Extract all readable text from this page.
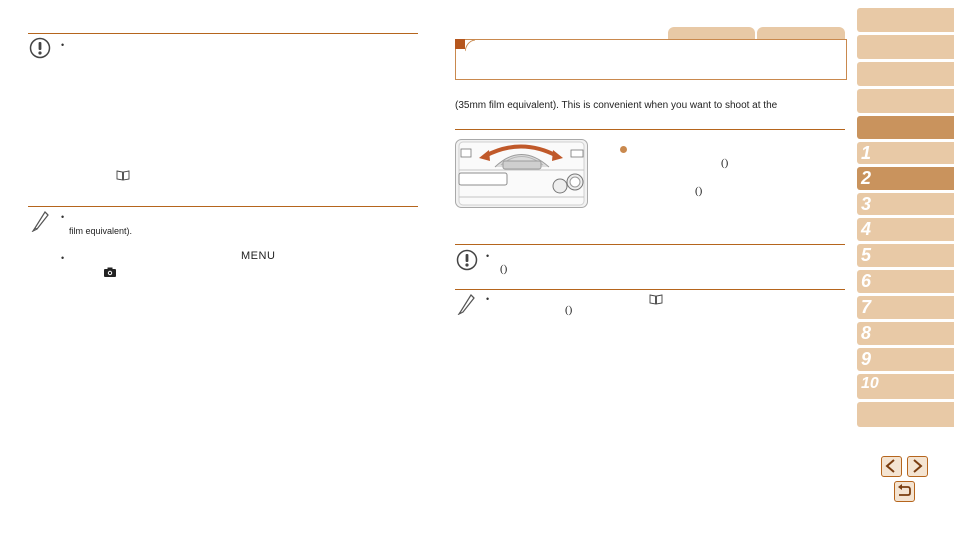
•
•
film equivalent).
•	MENU
(35mm film equivalent). This is convenient when you want to shoot at the
()
()
•
()
•
()
1
2
3
4
5
6
7
8
9
10
